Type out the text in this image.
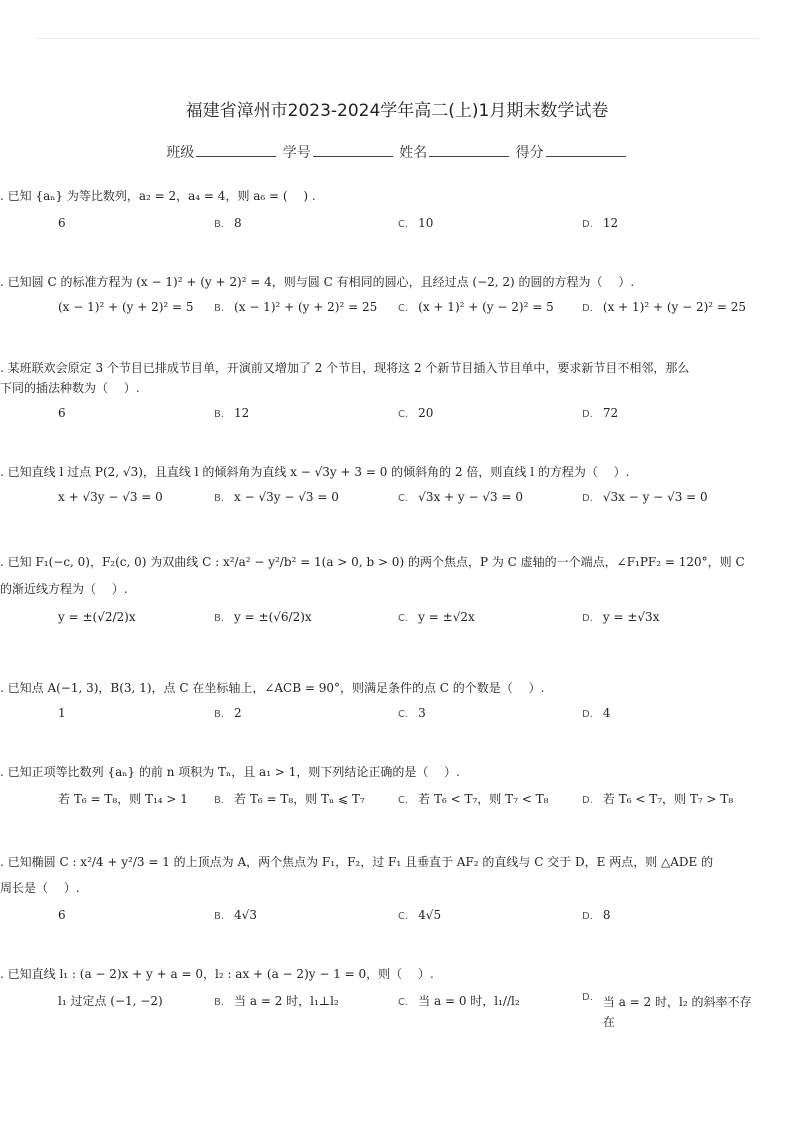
福建省漳州市2023-2024学年高二(上)1月期末数学试卷
班级	学号	姓名	得分
. 已知 {aₙ} 为等比数列，a₂ = 2，a₄ = 4，则 a₆ = (　 ) .
6	B. 8	C. 10	D. 12
. 已知圆 C 的标准方程为 (x − 1)² + (y + 2)² = 4，则与圆 C 有相同的圆心，且经过点 (−2, 2) 的圆的方程为（　 ）.
(x − 1)² + (y + 2)² = 5 B. (x − 1)² + (y + 2)² = 25 C. (x + 1)² + (y − 2)² = 5	D. (x + 1)² + (y − 2)² = 25
. 某班联欢会原定 3 个节目已排成节目单，开演前又增加了 2 个节目，现将这 2 个新节目插入节目单中，要求新节目不相邻，那么
下同的插法种数为（　 ）.
6	B. 12	C. 20	D. 72
. 已知直线 l 过点 P(2, √3)，且直线 l 的倾斜角为直线 x − √3y + 3 = 0 的倾斜角的 2 倍，则直线 l 的方程为（　 ）.
x + √3y − √3 = 0	B. x − √3y − √3 = 0	C. √3x + y − √3 = 0	D. √3x − y − √3 = 0
. 已知 F₁(−c, 0)，F₂(c, 0) 为双曲线 C : x²/a² − y²/b² = 1(a > 0, b > 0) 的两个焦点，P 为 C 虚轴的一个端点，∠F₁PF₂ = 120°，则 C
的渐近线方程为（　 ）.
y = ±(√2/2)x	B. y = ±(√6/2)x	C. y = ±√2x	D. y = ±√3x
. 已知点 A(−1, 3)，B(3, 1)，点 C 在坐标轴上，∠ACB = 90°，则满足条件的点 C 的个数是（　 ）.
1	B. 2	C. 3	D. 4
. 已知正项等比数列 {aₙ} 的前 n 项积为 Tₙ，且 a₁ > 1，则下列结论正确的是（　 ）.
若 T₆ = T₈，则 T₁₄ > 1	B. 若 T₆ = T₈，则 Tₙ ⩽ T₇	C. 若 T₆ < T₇，则 T₇ < T₈	D. 若 T₆ < T₇，则 T₇ > T₈
. 已知椭圆 C : x²/4 + y²/3 = 1 的上顶点为 A，两个焦点为 F₁，F₂，过 F₁ 且垂直于 AF₂ 的直线与 C 交于 D，E 两点，则 △ADE 的
周长是（　 ）.
6	B. 4√3	C. 4√5	D. 8
. 已知直线 l₁ : (a − 2)x + y + a = 0，l₂ : ax + (a − 2)y − 1 = 0，则（　 ）.
l₁ 过定点 (−1, −2)	B. 当 a = 2 时，l₁⊥l₂	C. 当 a = 0 时，l₁//l₂	$^{D.}$ 当 a = 2 时，l₂ 的斜率不存在
